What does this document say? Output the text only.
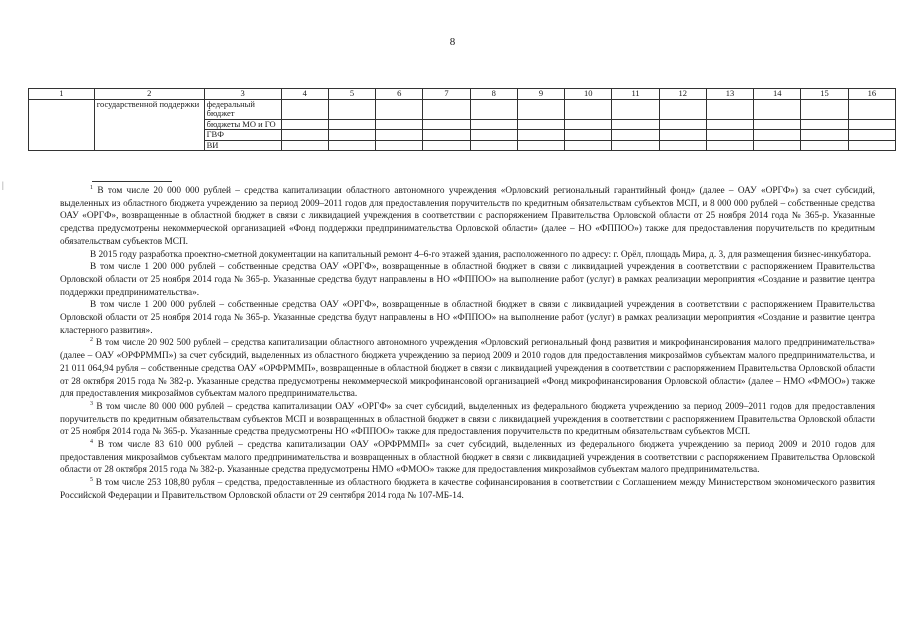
8
1	2	3	4	5	6	7	8	9	10	11	12	13	14	15	16
	государственной поддержки	федеральный бюджет													
		бюджеты МО и ГО													
		ГВФ													
		ВИ													
|	$^1$ В том числе 20 000 000 рублей – средства капитализации областного автономного учреждения «Орловский региональный гарантийный фонд» (далее – ОАУ «ОРГФ») за счет субсидий, выделенных из областного бюджета учреждению за период 2009–2011 годов для предоставления поручительств по кредитным обязательствам субъектов МСП, и 8 000 000 рублей – собственные средства ОАУ «ОРГФ», возвращенные в областной бюджет в связи с ликвидацией учреждения в соответствии с распоряжением Правительства Орловской области от 25 ноября 2014 года № 365-р. Указанные средства предусмотрены некоммерческой организацией «Фонд поддержки предпринимательства Орловской области» (далее – НО «ФППОО») также для предоставления поручительств по кредитным обязательствам субъектов МСП.

В 2015 году разработка проектно-сметной документации на капитальный ремонт 4–6-го этажей здания, расположенного по адресу: г. Орёл, площадь Мира, д. 3, для размещения бизнес-инкубатора.

В том числе 1 200 000 рублей – собственные средства ОАУ «ОРГФ», возвращенные в областной бюджет в связи с ликвидацией учреждения в соответствии с распоряжением Правительства Орловской области от 25 ноября 2014 года № 365-р. Указанные средства будут направлены в НО «ФППОО» на выполнение работ (услуг) в рамках реализации мероприятия «Создание и развитие центра поддержки предпринимательства».

В том числе 1 200 000 рублей – собственные средства ОАУ «ОРГФ», возвращенные в областной бюджет в связи с ликвидацией учреждения в соответствии с распоряжением Правительства Орловской области от 25 ноября 2014 года № 365-р. Указанные средства будут направлены в НО «ФППОО» на выполнение работ (услуг) в рамках реализации мероприятия «Создание и развитие центра кластерного развития».

$^2$ В том числе 20 902 500 рублей – средства капитализации областного автономного учреждения «Орловский региональный фонд развития и микрофинансирования малого предпринимательства» (далее – ОАУ «ОРФРММП») за счет субсидий, выделенных из областного бюджета учреждению за период 2009 и 2010 годов для предоставления микрозаймов субъектам малого предпринимательства, и 21 011 064,94 рубля – собственные средства ОАУ «ОРФРММП», возвращенные в областной бюджет в связи с ликвидацией учреждения в соответствии с распоряжением Правительства Орловской области от 28 октября 2015 года № 382-р. Указанные средства предусмотрены некоммерческой микрофинансовой организацией «Фонд микрофинансирования Орловской области» (далее – НМО «ФМОО») также для предоставления микрозаймов субъектам малого предпринимательства.

$^3$ В том числе 80 000 000 рублей – средства капитализации ОАУ «ОРГФ» за счет субсидий, выделенных из федерального бюджета учреждению за период 2009–2011 годов для предоставления поручительств по кредитным обязательствам субъектов МСП и возвращенных в областной бюджет в связи с ликвидацией учреждения в соответствии с распоряжением Правительства Орловской области от 25 ноября 2014 года № 365-р. Указанные средства предусмотрены НО «ФППОО» также для предоставления поручительств по кредитным обязательствам субъектов МСП.

$^4$ В том числе 83 610 000 рублей – средства капитализации ОАУ «ОРФРММП» за счет субсидий, выделенных из федерального бюджета учреждению за период 2009 и 2010 годов для предоставления микрозаймов субъектам малого предпринимательства и возвращенных в областной бюджет в связи с ликвидацией учреждения в соответствии с распоряжением Правительства Орловской области от 28 октября 2015 года № 382-р. Указанные средства предусмотрены НМО «ФМОО» также для предоставления микрозаймов субъектам малого предпринимательства.

$^5$ В том числе 253 108,80 рубля – средства, предоставленные из областного бюджета в качестве софинансирования в соответствии с Соглашением между Министерством экономического развития Российской Федерации и Правительством Орловской области от 29 сентября 2014 года № 107-МБ-14.
